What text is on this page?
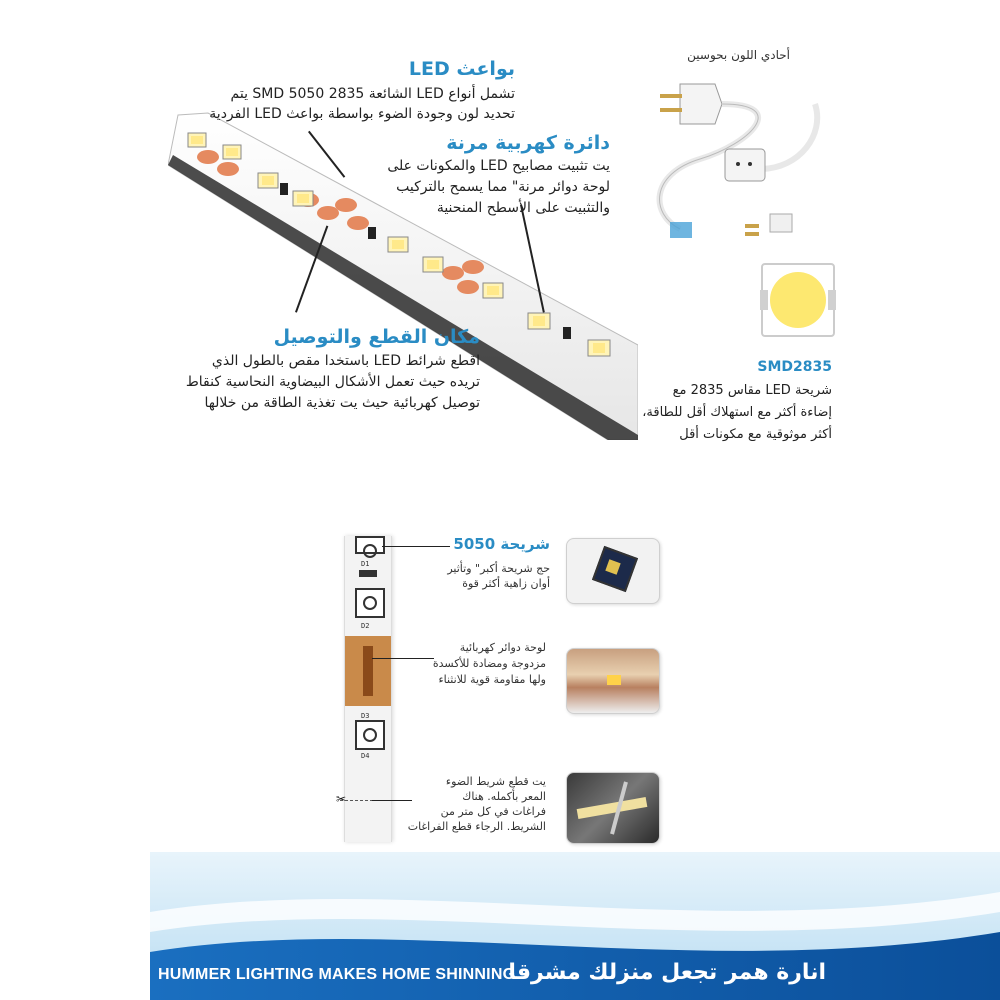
بواعث LED
تشمل أنواع LED الشائعة 2835 SMD 5050 يتم
تحديد لون وجودة الضوء بواسطة بواعث LED الفردية
دائرة كهربية مرنة
يت تثبيت مصابيح LED والمكونات على
لوحة دوائر مرنة" مما يسمح بالتركيب
والتثبيت على الأسطح المنحنية
مكان القطع والتوصيل
اقطع شرائط LED باستخدا مقص بالطول الذي
تريده حيث تعمل الأشكال البيضاوية النحاسية كنقاط
توصيل كهربائية حيث يت تغذية الطاقة من خلالها
أحادي اللون بحوسين
SMD2835
شريحة LED مقاس 2835 مع
إضاءة أكثر مع استهلاك أقل للطاقة،
أكثر موثوقية مع مكونات أقل
D1
D2
D3
D4
✂
شريحة 5050
حج شريحة أكبر" وتأثير
أوان زاهية أكثر قوة
لوحة دوائر كهربائية
مزدوجة ومضادة للأكسدة
ولها مقاومة قوية للانثناء
يت قطع شريط الضوء
المعر بأكمله. هناك
فراغات في كل متر من
الشريط. الرجاء قطع الفراغات
HUMMER LIGHTING MAKES HOME SHINNING
انارة همر تجعل منزلك مشرقا
